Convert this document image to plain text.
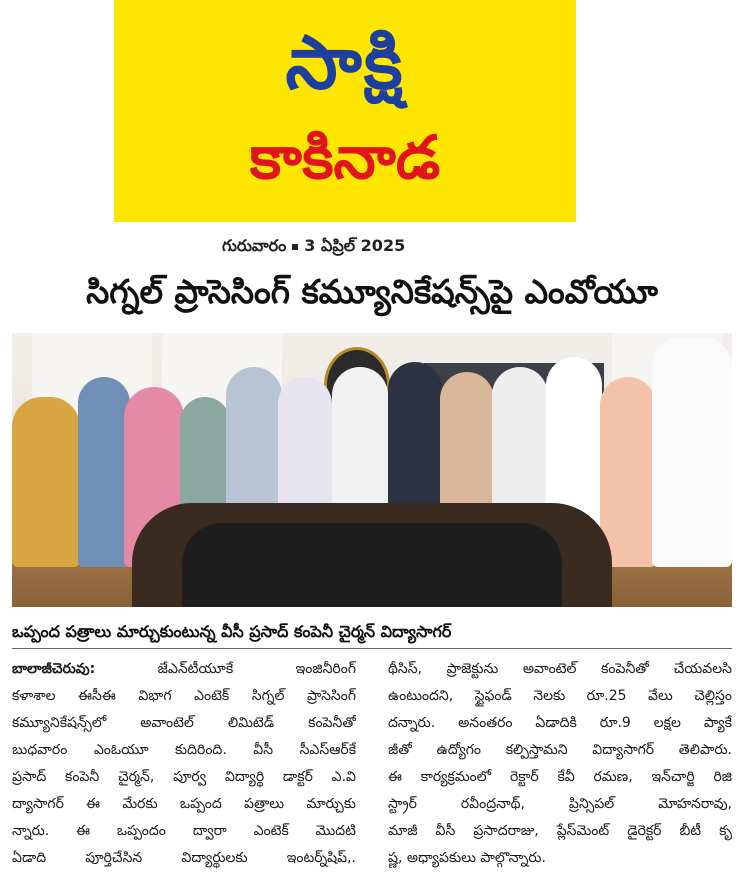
సాక్షి
కాకినాడ
గురువారం 3 ఏప్రిల్ 2025
సిగ్నల్ ప్రాసెసింగ్ కమ్యూనికేషన్స్‌పై ఎంవోయూ
ఒప్పంద పత్రాలు మార్చుకుంటున్న వీసీ ప్రసాద్ కంపెనీ చైర్మన్ విద్యాసాగర్
బాలాజీచెరువు:	జేఎన్‌టీయూకే ఇంజినీరింగ్
కళాశాల ఈసీఈ విభాగ ఎంటెక్ సిగ్నల్ ప్రాసెసింగ్
కమ్యూనికేషన్స్‌లో అవాంటెల్ లిమిటెడ్ కంపెనీతో
బుధవారం ఎంఓయూ కుదిరింది. వీసీ సీఎస్ఆర్‌కే
ప్రసాద్ కంపెనీ చైర్మన్, పూర్వ విద్యార్థి డాక్టర్ ఎ.వి
ద్యాసాగర్ ఈ మేరకు ఒప్పంద పత్రాలు మార్చుకు
న్నారు. ఈ ఒప్పందం ద్వారా ఎంటెక్ మొదటి
ఏడాది పూర్తిచేసిన విద్యార్థులకు ఇంటర్న్‌షిప్,.
థీసిస్, ప్రాజెక్టును అవాంటెల్ కంపెనీతో చేయవలసి
ఉంటుందని, స్టైఫండ్ నెలకు రూ.25 వేలు చెల్లిస్తం
దన్నారు. అనంతరం ఏడాదికి రూ.9 లక్షల ప్యాకే
జీతో ఉద్యోగం కల్పిస్తామని విద్యాసాగర్ తెలిపారు.
ఈ కార్యక్రమంలో రెక్టార్ కేవీ రమణ, ఇన్‌చార్జి రిజి
స్ట్రార్ రవీంద్రనాథ్, ప్రిన్సిపల్ మోహనరావు,
మాజీ వీసీ ప్రసాదరాజు, ప్లేస్‌మెంట్ డైరెక్టర్ బీటీ కృ
ష్ణ, అధ్యాపకులు పాల్గొన్నారు.
